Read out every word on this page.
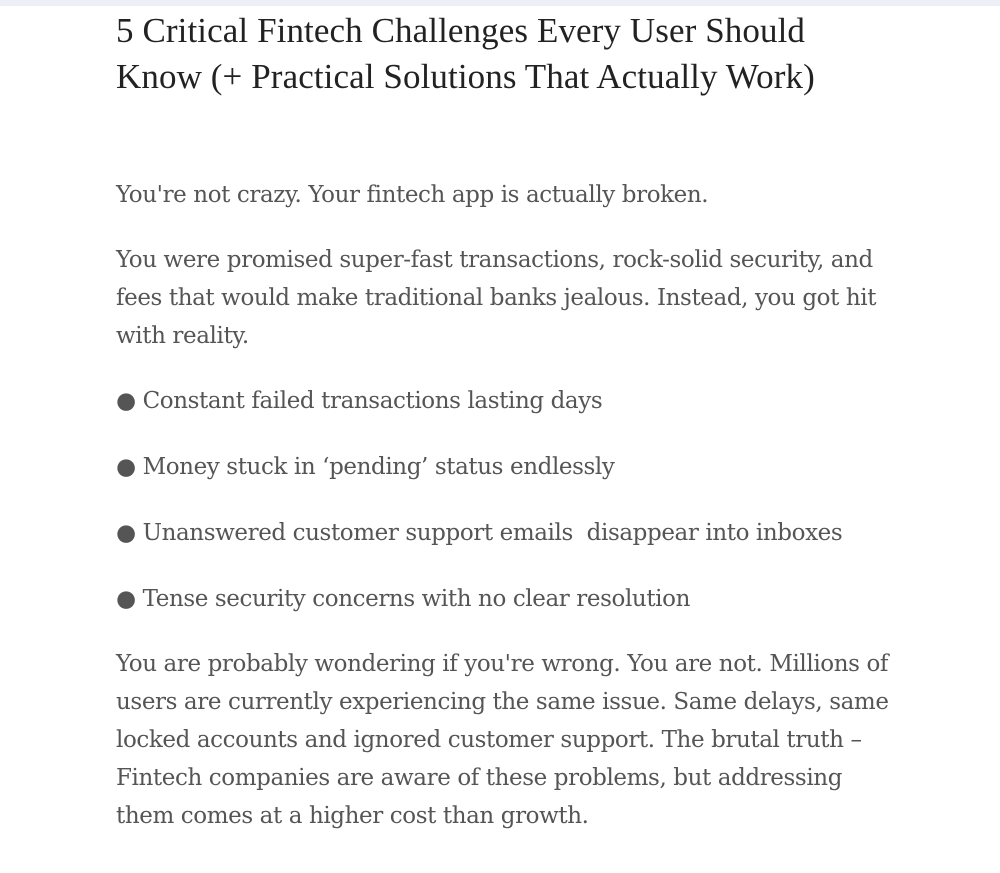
5 Critical Fintech Challenges Every User Should Know (+ Practical Solutions That Actually Work)

You're not crazy. Your fintech app is actually broken.

You were promised super-fast transactions, rock-solid security, and fees that would make traditional banks jealous. Instead, you got hit with reality.

● Constant failed transactions lasting days
● Money stuck in ‘pending’ status endlessly
● Unanswered customer support emails  disappear into inboxes
● Tense security concerns with no clear resolution

You are probably wondering if you're wrong. You are not. Millions of users are currently experiencing the same issue. Same delays, same locked accounts and ignored customer support. The brutal truth – Fintech companies are aware of these problems, but addressing them comes at a higher cost than growth.
